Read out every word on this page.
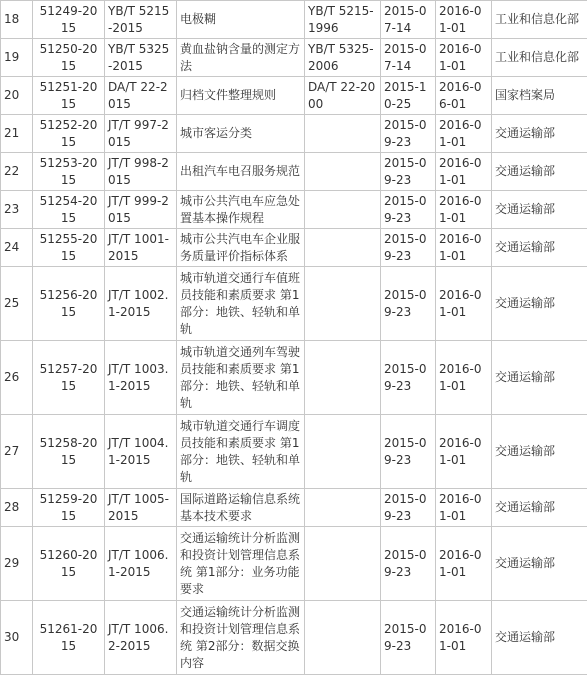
18	51249-2015	YB/T 5215-2015	电极糊	YB/T 5215-1996	2015-07-14	2016-01-01	工业和信息化部
19	51250-2015	YB/T 5325-2015	黄血盐钠含量的测定方法	YB/T 5325-2006	2015-07-14	2016-01-01	工业和信息化部
20	51251-2015	DA/T 22-2015	归档文件整理规则	DA/T 22-2000	2015-10-25	2016-06-01	国家档案局
21	51252-2015	JT/T 997-2015	城市客运分类		2015-09-23	2016-01-01	交通运输部
22	51253-2015	JT/T 998-2015	出租汽车电召服务规范		2015-09-23	2016-01-01	交通运输部
23	51254-2015	JT/T 999-2015	城市公共汽电车应急处置基本操作规程		2015-09-23	2016-01-01	交通运输部
24	51255-2015	JT/T 1001-2015	城市公共汽电车企业服务质量评价指标体系		2015-09-23	2016-01-01	交通运输部
25	51256-2015	JT/T 1002.1-2015	城市轨道交通行车值班员技能和素质要求 第1部分：地铁、轻轨和单轨		2015-09-23	2016-01-01	交通运输部
26	51257-2015	JT/T 1003.1-2015	城市轨道交通列车驾驶员技能和素质要求 第1部分：地铁、轻轨和单轨		2015-09-23	2016-01-01	交通运输部
27	51258-2015	JT/T 1004.1-2015	城市轨道交通行车调度员技能和素质要求 第1部分：地铁、轻轨和单轨		2015-09-23	2016-01-01	交通运输部
28	51259-2015	JT/T 1005-2015	国际道路运输信息系统基本技术要求		2015-09-23	2016-01-01	交通运输部
29	51260-2015	JT/T 1006.1-2015	交通运输统计分析监测和投资计划管理信息系统 第1部分：业务功能要求		2015-09-23	2016-01-01	交通运输部
30	51261-2015	JT/T 1006.2-2015	交通运输统计分析监测和投资计划管理信息系统 第2部分：数据交换内容		2015-09-23	2016-01-01	交通运输部
